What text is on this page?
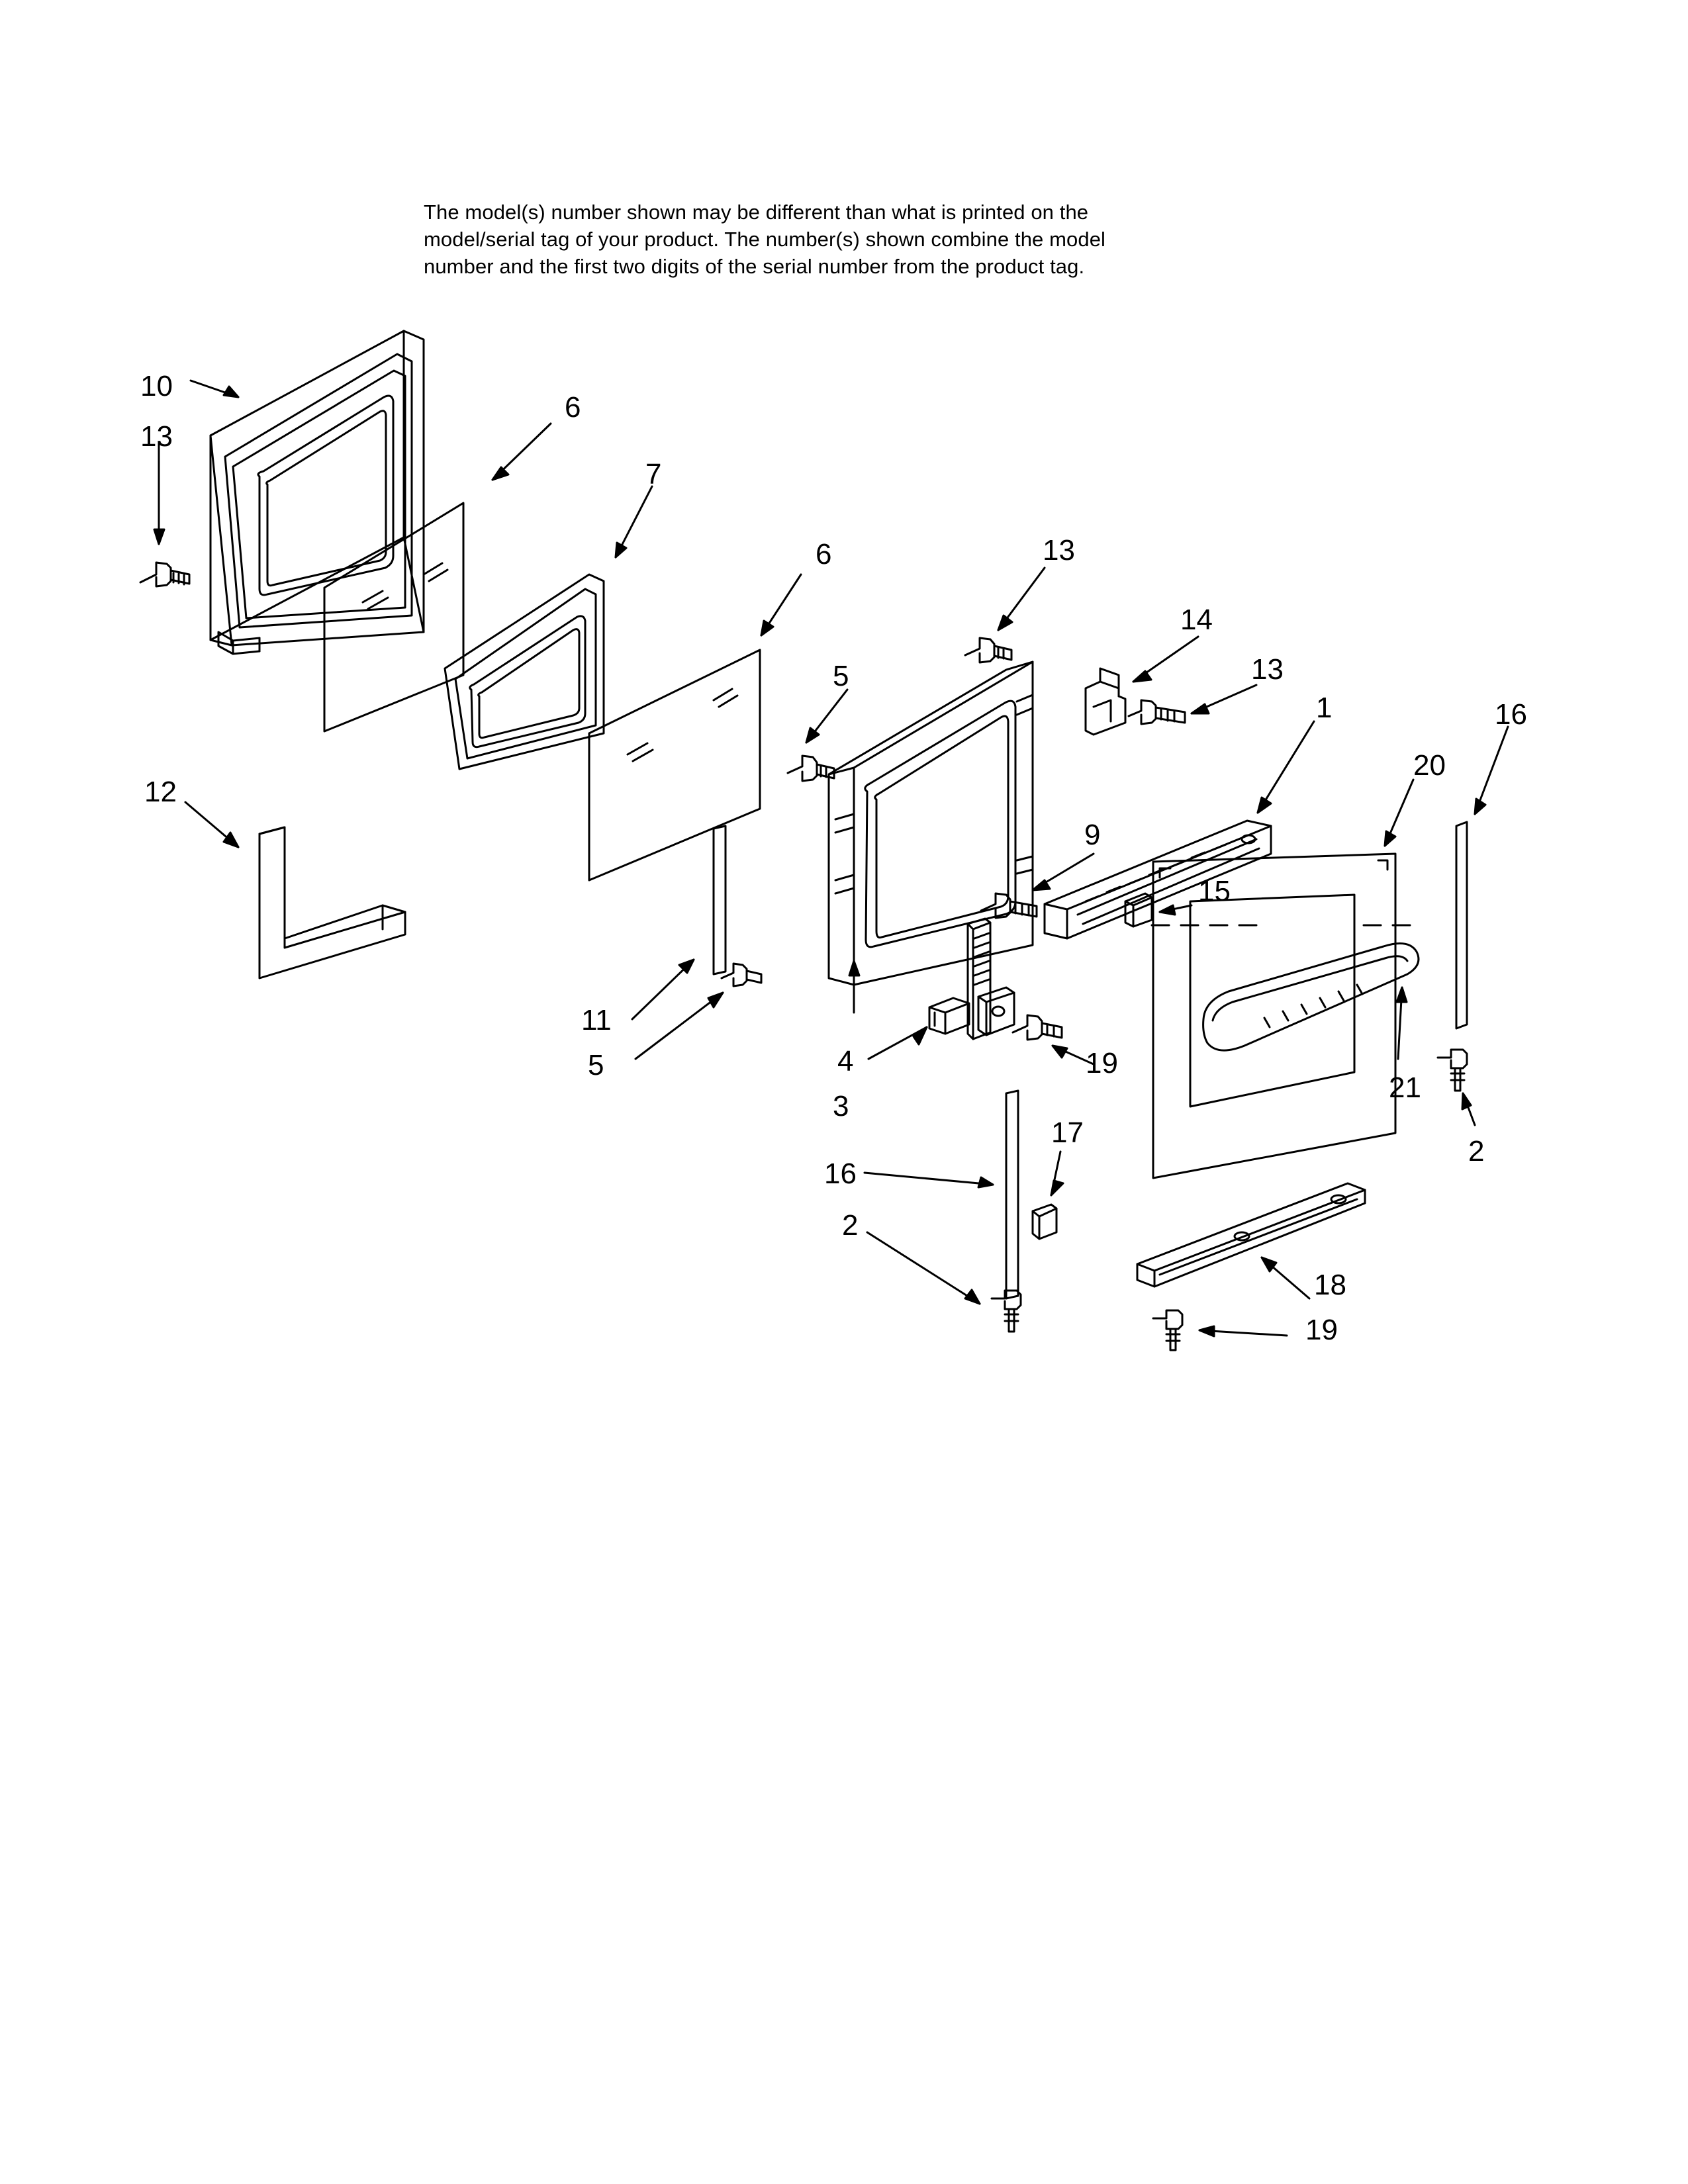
The model(s) number shown may be different than what is printed on the
model/serial tag of your product. The number(s) shown combine the model
number and the first two digits of the serial number from the product tag.
10
13
6
7
6	13
14
13
1	16
20
5
12
9
15
11
5	4
3
19
21
2
17
16
2
18
19
